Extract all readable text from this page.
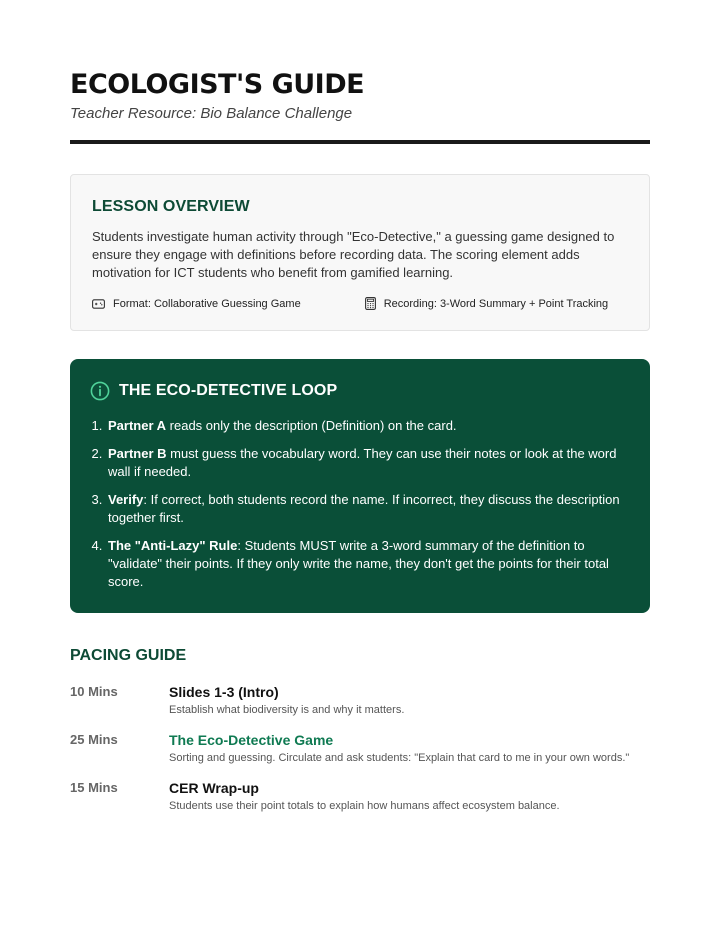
ECOLOGIST'S GUIDE
Teacher Resource: Bio Balance Challenge
LESSON OVERVIEW

Students investigate human activity through "Eco-Detective," a guessing game designed to ensure they engage with definitions before recording data. The scoring element adds motivation for ICT students who benefit from gamified learning.

Format: Collaborative Guessing Game	Recording: 3-Word Summary + Point Tracking
THE ECO-DETECTIVE LOOP
1. Partner A reads only the description (Definition) on the card.
2. Partner B must guess the vocabulary word. They can use their notes or look at the word wall if needed.
3. Verify: If correct, both students record the name. If incorrect, they discuss the description together first.
4. The "Anti-Lazy" Rule: Students MUST write a 3-word summary of the definition to "validate" their points. If they only write the name, they don't get the points for their total score.
PACING GUIDE
10 Mins	Slides 1-3 (Intro)
Establish what biodiversity is and why it matters.
25 Mins	The Eco-Detective Game
Sorting and guessing. Circulate and ask students: "Explain that card to me in your own words."
15 Mins	CER Wrap-up
Students use their point totals to explain how humans affect ecosystem balance.
